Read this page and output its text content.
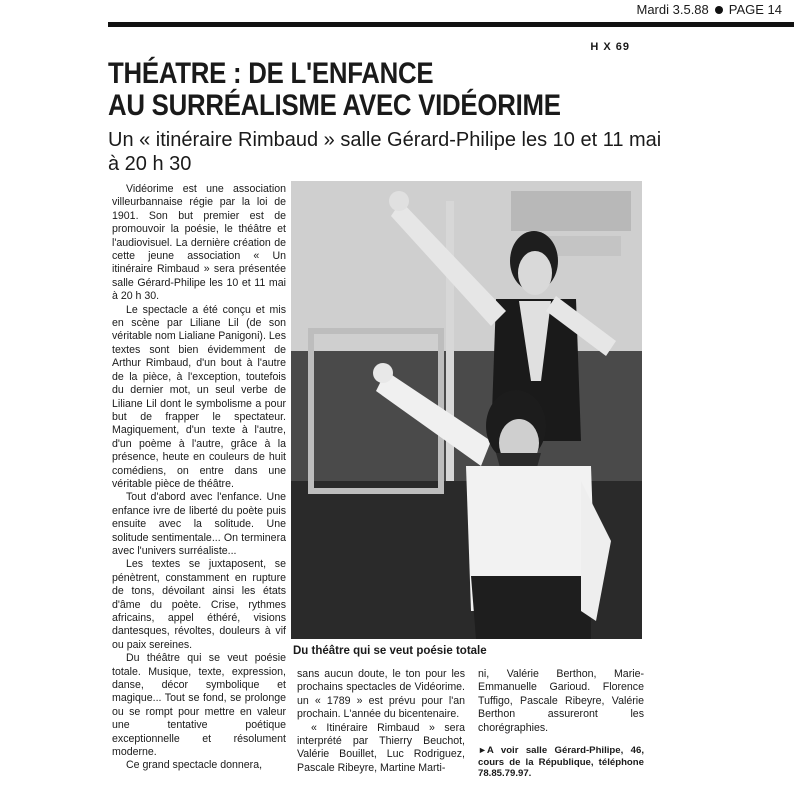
Mardi 3.5.88 PAGE 14
H X 69
THÉATRE : DE L'ENFANCE
AU SURRÉALISME AVEC VIDÉORIME
Un « itinéraire Rimbaud » salle Gérard-Philipe les 10 et 11 mai à 20 h 30

Vidéorime est une association villeurbannaise régie par la loi de 1901. Son but premier est de promouvoir la poésie, le théâtre et l'audiovisuel. La dernière création de cette jeune association « Un itinéraire Rimbaud » sera présentée salle Gérard-Philipe les 10 et 11 mai à 20 h 30.

Le spectacle a été conçu et mis en scène par Liliane Lil (de son véritable nom Lialiane Panigoni). Les textes sont bien évidemment de Arthur Rimbaud, d'un bout à l'autre de la pièce, à l'exception, toutefois du dernier mot, un seul verbe de Liliane Lil dont le symbolisme a pour but de frapper le spectateur. Magiquement, d'un texte à l'autre, d'un poème à l'autre, grâce à la présence, heute en couleurs de huit comédiens, on entre dans une véritable pièce de théâtre.

Tout d'abord avec l'enfance. Une enfance ivre de liberté du poète puis ensuite avec la solitude. Une solitude sentimentale... On terminera avec l'univers surréaliste...

Les textes se juxtaposent, se pénètrent, constamment en rupture de tons, dévoilant ainsi les états d'âme du poète. Crise, rythmes africains, appel éthéré, visions dantesques, révoltes, douleurs à vif ou paix sereines.

Du théâtre qui se veut poésie totale. Musique, texte, expression, danse, décor symbolique et magique... Tout se fond, se prolonge ou se rompt pour mettre en valeur une tentative poétique exceptionnelle et résolument moderne.

Ce grand spectacle donnera,

Du théâtre qui se veut poésie totale

sans aucun doute, le ton pour les prochains spectacles de Vidéorime. un « 1789 » est prévu pour l'an prochain. L'année du bicentenaire.

« Itinéraire Rimbaud » sera interprété par Thierry Beuchot, Valérie Bouillet, Luc Rodriguez, Pascale Ribeyre, Martine Marti-

ni, Valérie Berthon, Marie-Emmanuelle Garioud. Florence Tuffigo, Pascale Ribeyre, Valérie Berthon assureront les chorégraphies.

►A voir salle Gérard-Philipe, 46, cours de la République, téléphone 78.85.79.97.
